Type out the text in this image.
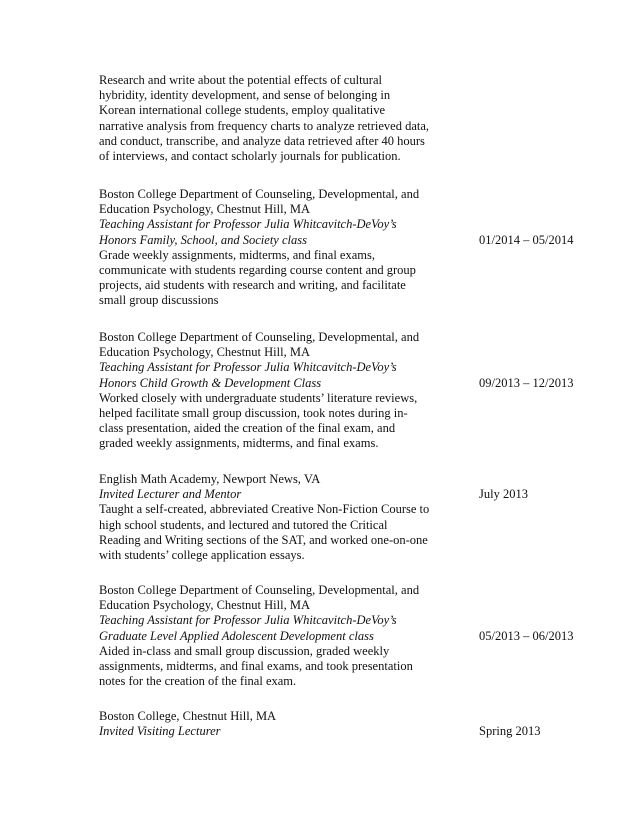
Research and write about the potential effects of cultural
hybridity, identity development, and sense of belonging in
Korean international college students, employ qualitative
narrative analysis from frequency charts to analyze retrieved data,
and conduct, transcribe, and analyze data retrieved after 40 hours
of interviews, and contact scholarly journals for publication.
Boston College Department of Counseling, Developmental, and
Education Psychology, Chestnut Hill, MA
Teaching Assistant for Professor Julia Whitcavitch-DeVoy’s
Honors Family, School, and Society class
Grade weekly assignments, midterms, and final exams,
communicate with students regarding course content and group
projects, aid students with research and writing, and facilitate
small group discussions
01/2014 – 05/2014
Boston College Department of Counseling, Developmental, and
Education Psychology, Chestnut Hill, MA
Teaching Assistant for Professor Julia Whitcavitch-DeVoy’s
Honors Child Growth & Development Class
Worked closely with undergraduate students’ literature reviews,
helped facilitate small group discussion, took notes during in-
class presentation, aided the creation of the final exam, and
graded weekly assignments, midterms, and final exams.
09/2013 – 12/2013
English Math Academy, Newport News, VA
Invited Lecturer and Mentor
Taught a self-created, abbreviated Creative Non-Fiction Course to
high school students, and lectured and tutored the Critical
Reading and Writing sections of the SAT, and worked one-on-one
with students’ college application essays.
July 2013
Boston College Department of Counseling, Developmental, and
Education Psychology, Chestnut Hill, MA
Teaching Assistant for Professor Julia Whitcavitch-DeVoy’s
Graduate Level Applied Adolescent Development class
Aided in-class and small group discussion, graded weekly
assignments, midterms, and final exams, and took presentation
notes for the creation of the final exam.
05/2013 – 06/2013
Boston College, Chestnut Hill, MA
Invited Visiting Lecturer	Spring 2013
